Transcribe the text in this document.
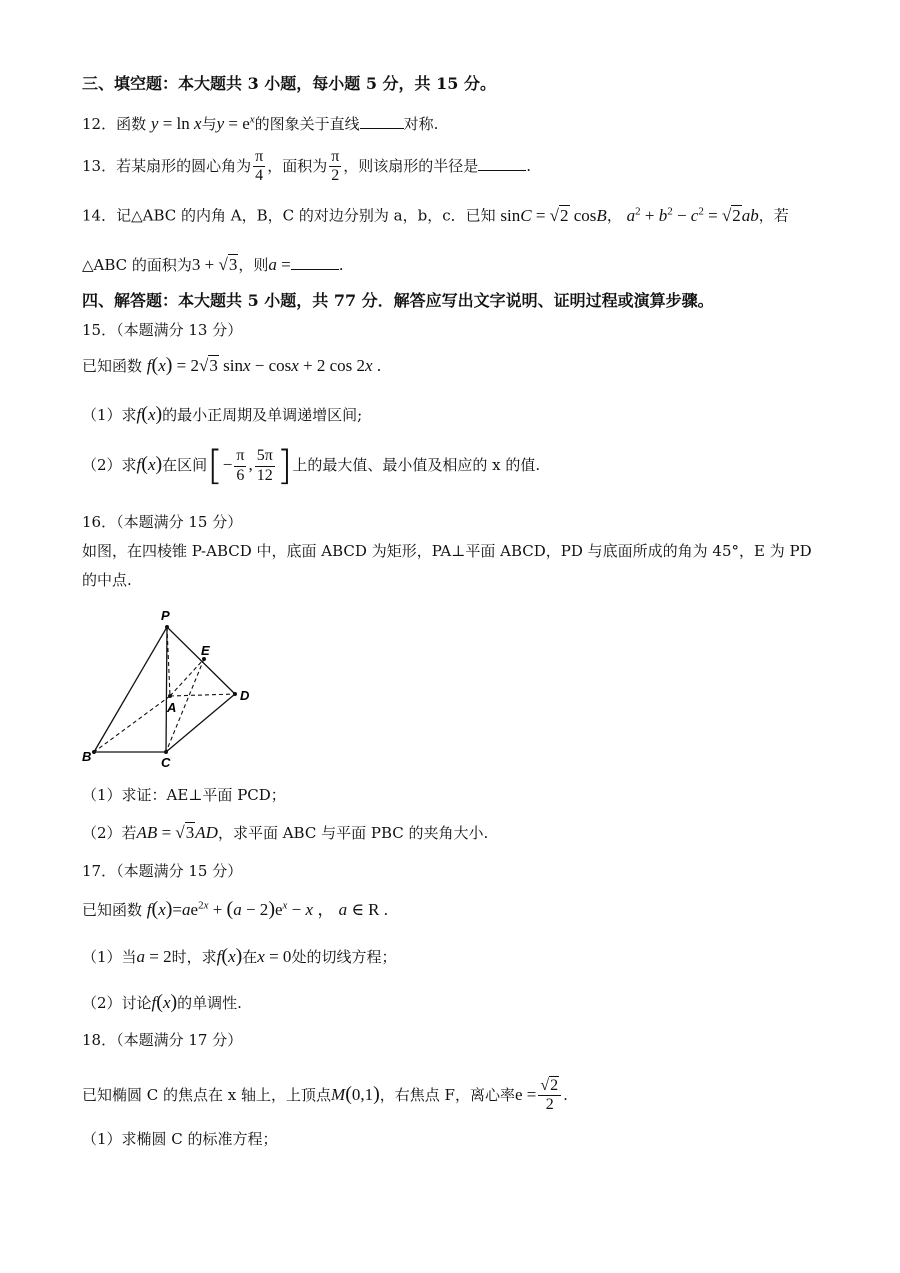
三、填空题：本大题共 3 小题，每小题 5 分，共 15 分。
12．函数 y = ln x与$y = e^x$的图象关于直线	对称.
13．若某扇形的圆心角为 $\frac{\pi}{4}$ ，面积为 $\frac{\pi}{2}$ ，则该扇形的半径是	.
14．记△ABC 的内角 A，B，C 的对边分别为 a，b，c．已知 sinC = √2 cosB， $a^2 + b^2 - c^2 = √2ab$，若
△ABC 的面积为3 + √3，则a =	.
四、解答题：本大题共 5 小题，共 77 分．解答应写出文字说明、证明过程或演算步骤。
15．（本题满分 13 分）
已知函数 f(x) = 2√3 sinx − cosx + 2 cos 2x .
（1）求f(x)的最小正周期及单调递增区间;
（2）求f(x)在区间[− $\frac{\pi}{6}$ , $\frac{5\pi}{12}$ ]上的最大值、最小值及相应的 x 的值.
16．（本题满分 15 分）
如图，在四棱锥 P-ABCD 中，底面 ABCD 为矩形，PA⊥平面 ABCD，PD 与底面所成的角为 45°，E 为 PD
的中点.
P
E
D
A
B	C
（1）求证：AE⊥平面 PCD；
（2）若AB = √3AD，求平面 ABC 与平面 PBC 的夹角大小.
17．（本题满分 15 分）
已知函数 $f(x)=ae^{2x} + (a - 2)e^x - x$ ， a ∈ R .
（1）当a = 2时，求f(x)在x = 0处的切线方程；
（2）讨论f(x)的单调性.
18．（本题满分 17 分）
已知椭圆 C 的焦点在 x 轴上，上顶点M(0,1)，右焦点 F，离心率$e = \frac{√2}{2}$ .
（1）求椭圆 C 的标准方程；
